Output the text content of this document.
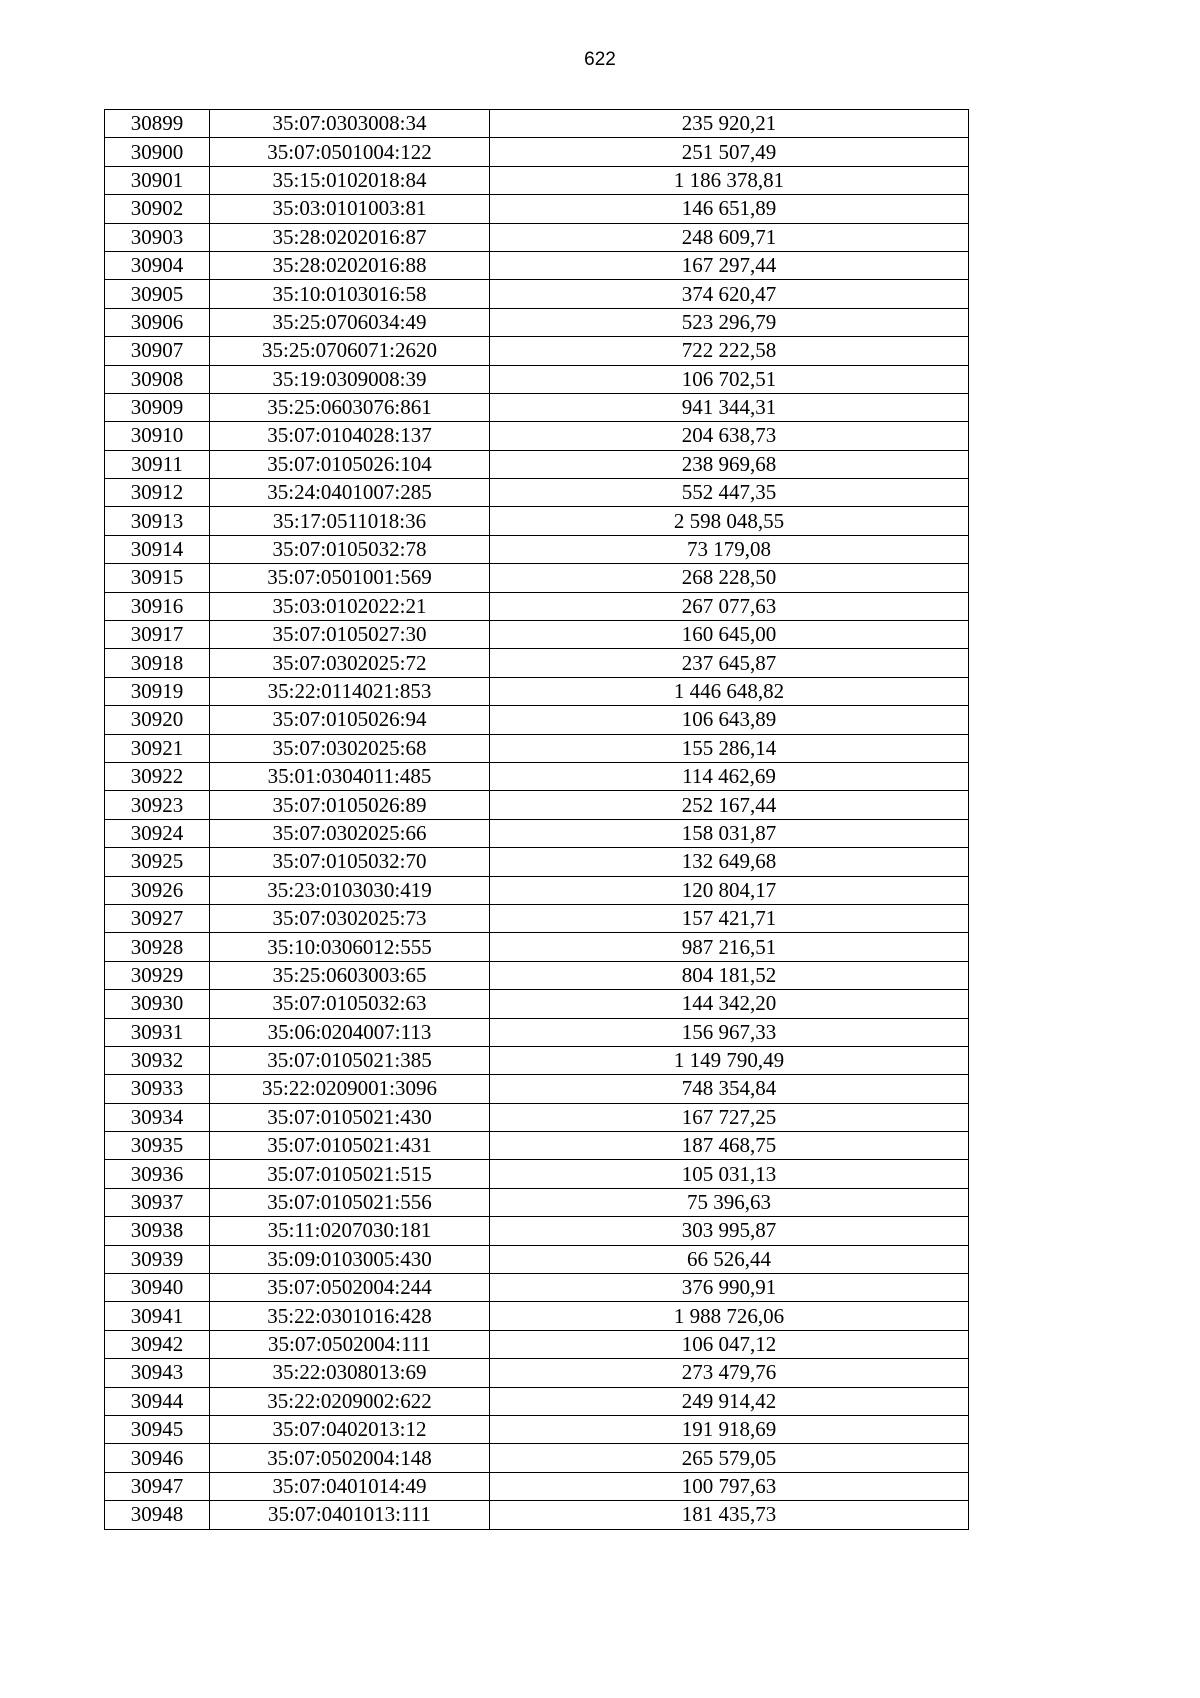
622
30899	35:07:0303008:34	235 920,21
30900	35:07:0501004:122	251 507,49
30901	35:15:0102018:84	1 186 378,81
30902	35:03:0101003:81	146 651,89
30903	35:28:0202016:87	248 609,71
30904	35:28:0202016:88	167 297,44
30905	35:10:0103016:58	374 620,47
30906	35:25:0706034:49	523 296,79
30907	35:25:0706071:2620	722 222,58
30908	35:19:0309008:39	106 702,51
30909	35:25:0603076:861	941 344,31
30910	35:07:0104028:137	204 638,73
30911	35:07:0105026:104	238 969,68
30912	35:24:0401007:285	552 447,35
30913	35:17:0511018:36	2 598 048,55
30914	35:07:0105032:78	73 179,08
30915	35:07:0501001:569	268 228,50
30916	35:03:0102022:21	267 077,63
30917	35:07:0105027:30	160 645,00
30918	35:07:0302025:72	237 645,87
30919	35:22:0114021:853	1 446 648,82
30920	35:07:0105026:94	106 643,89
30921	35:07:0302025:68	155 286,14
30922	35:01:0304011:485	114 462,69
30923	35:07:0105026:89	252 167,44
30924	35:07:0302025:66	158 031,87
30925	35:07:0105032:70	132 649,68
30926	35:23:0103030:419	120 804,17
30927	35:07:0302025:73	157 421,71
30928	35:10:0306012:555	987 216,51
30929	35:25:0603003:65	804 181,52
30930	35:07:0105032:63	144 342,20
30931	35:06:0204007:113	156 967,33
30932	35:07:0105021:385	1 149 790,49
30933	35:22:0209001:3096	748 354,84
30934	35:07:0105021:430	167 727,25
30935	35:07:0105021:431	187 468,75
30936	35:07:0105021:515	105 031,13
30937	35:07:0105021:556	75 396,63
30938	35:11:0207030:181	303 995,87
30939	35:09:0103005:430	66 526,44
30940	35:07:0502004:244	376 990,91
30941	35:22:0301016:428	1 988 726,06
30942	35:07:0502004:111	106 047,12
30943	35:22:0308013:69	273 479,76
30944	35:22:0209002:622	249 914,42
30945	35:07:0402013:12	191 918,69
30946	35:07:0502004:148	265 579,05
30947	35:07:0401014:49	100 797,63
30948	35:07:0401013:111	181 435,73
